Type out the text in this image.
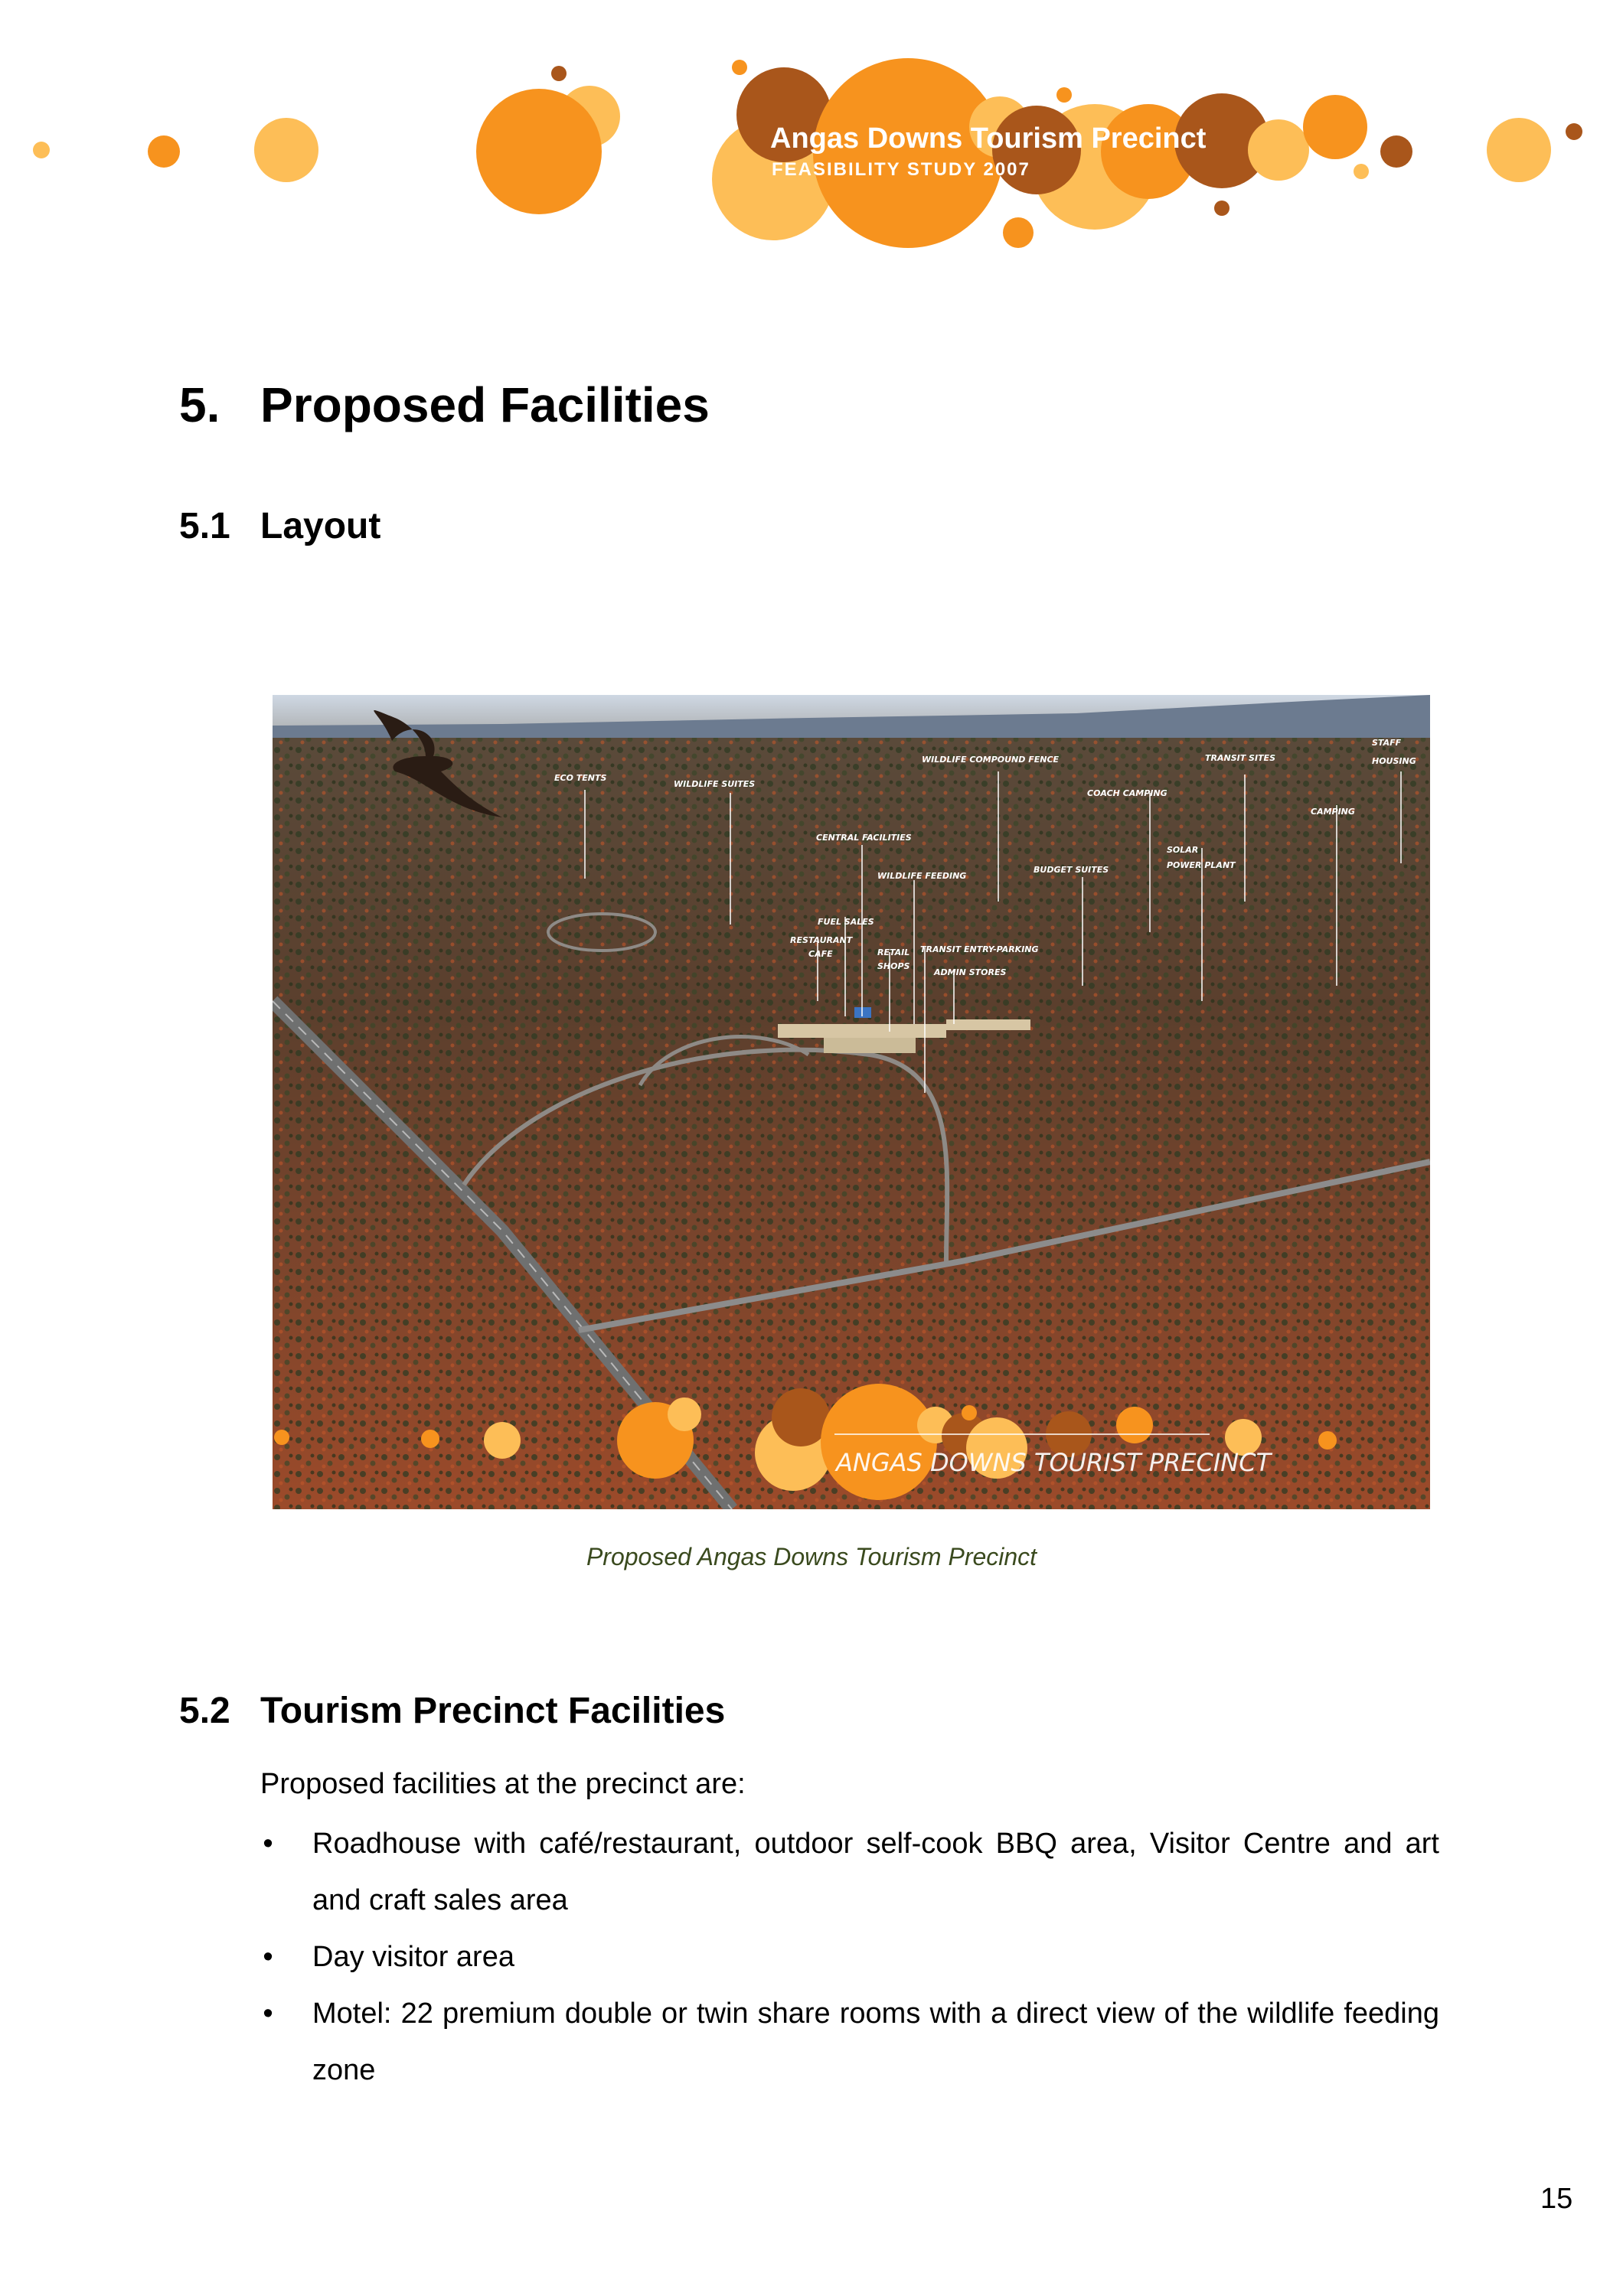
Angas Downs Tourism Precinct
FEASIBILITY STUDY 2007
5. Proposed Facilities
5.1 Layout
ECO TENTS
WILDLIFE SUITES
WILDLIFE COMPOUND FENCE	TRANSIT SITES
STAFF
HOUSING
COACH CAMPING
CAMPING
CENTRAL FACILITIES
SOLAR
POWER PLANT
WILDLIFE FEEDING
BUDGET SUITES
FUEL SALES
RESTAURANT
CAFE	RETAIL
SHOPS
TRANSIT ENTRY-PARKING
ADMIN STORES
ANGAS DOWNS TOURIST PRECINCT
Proposed Angas Downs Tourism Precinct
5.2 Tourism Precinct Facilities

Proposed facilities at the precinct are:

• Roadhouse with café/restaurant, outdoor self-cook BBQ area, Visitor Centre and art and craft sales area
• Day visitor area
• Motel: 22 premium double or twin share rooms with a direct view of the wildlife feeding zone
15
